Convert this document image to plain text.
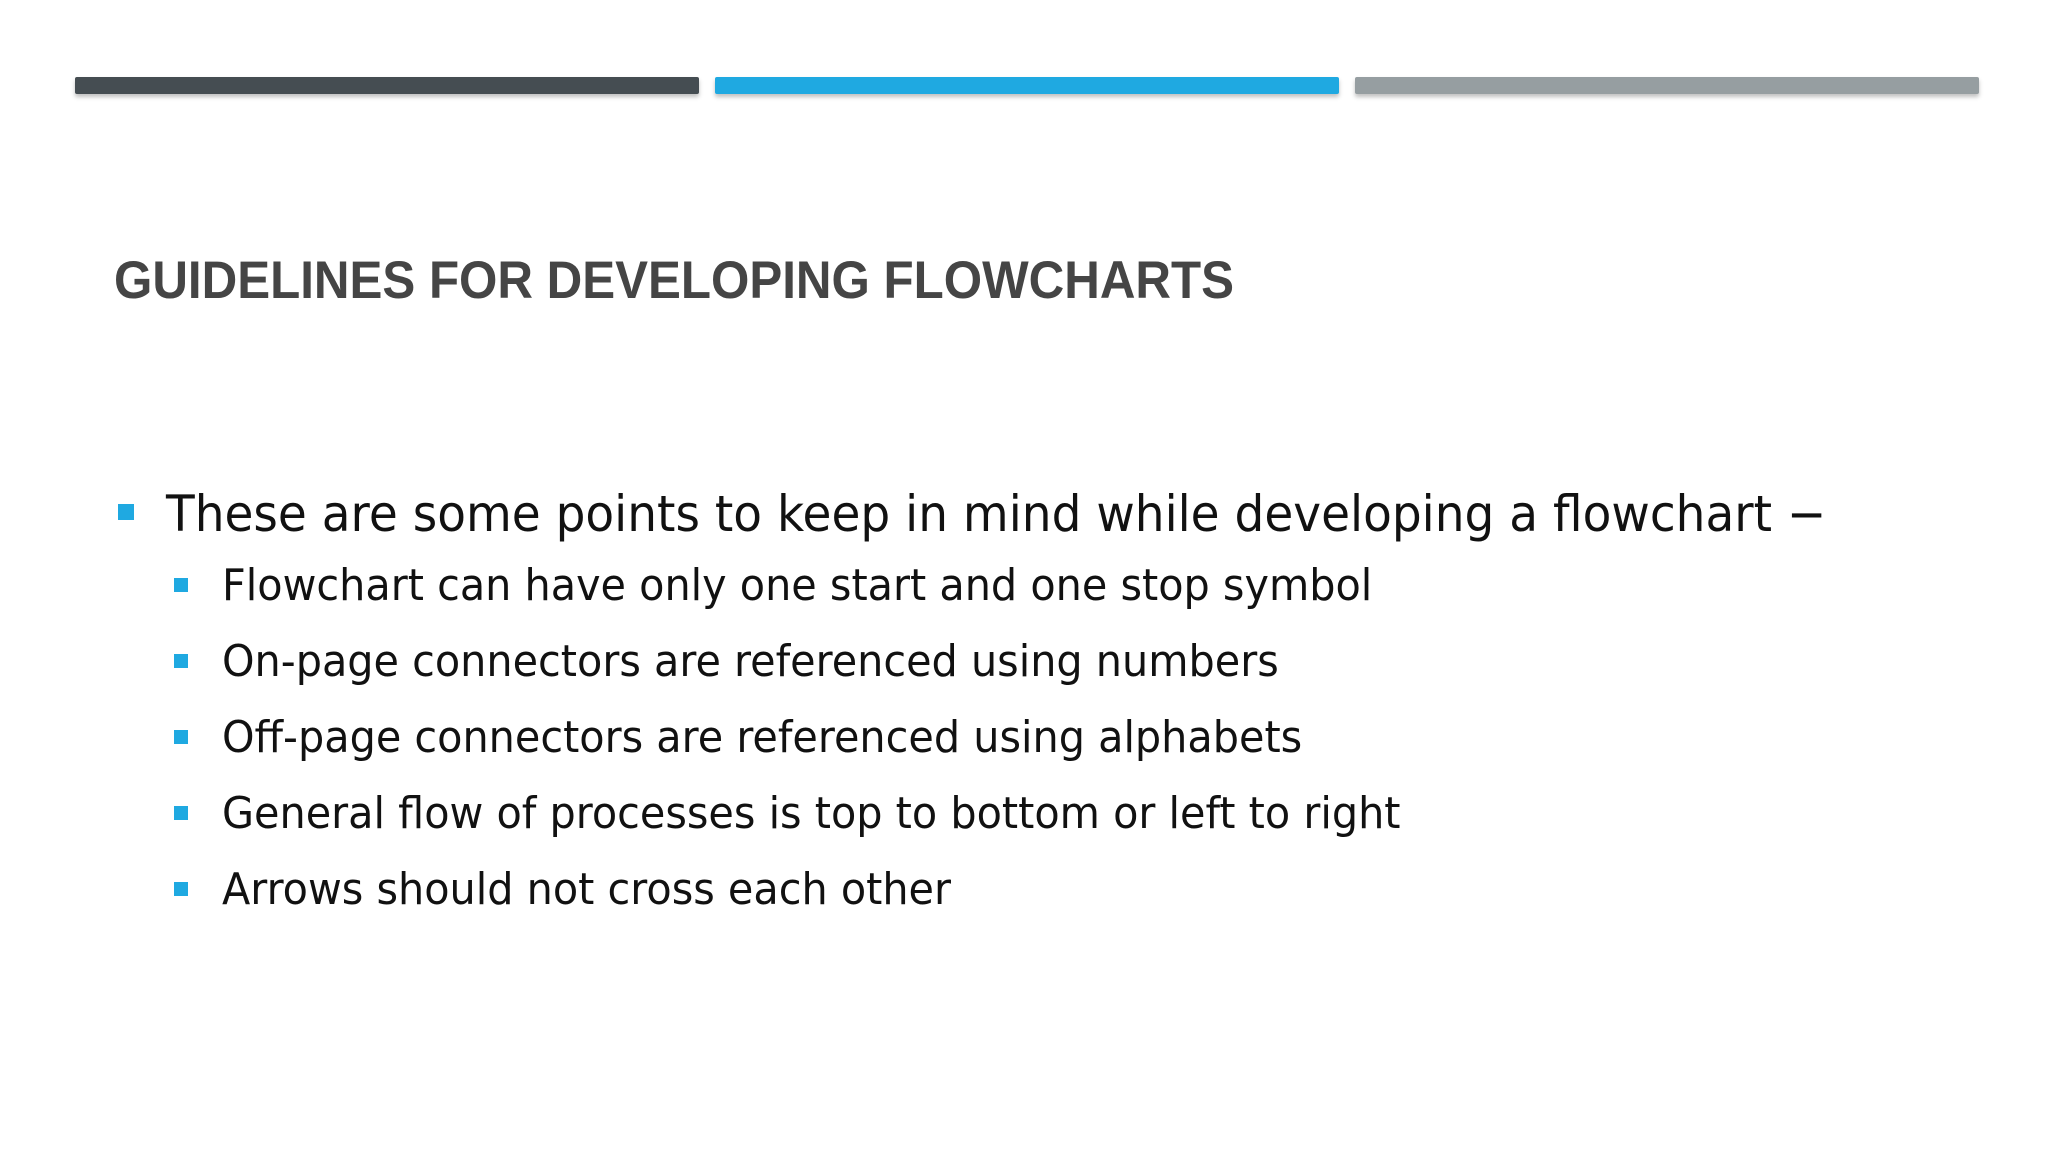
GUIDELINES FOR DEVELOPING FLOWCHARTS
These are some points to keep in mind while developing a flowchart −
Flowchart can have only one start and one stop symbol
On-page connectors are referenced using numbers
Off-page connectors are referenced using alphabets
General flow of processes is top to bottom or left to right
Arrows should not cross each other
